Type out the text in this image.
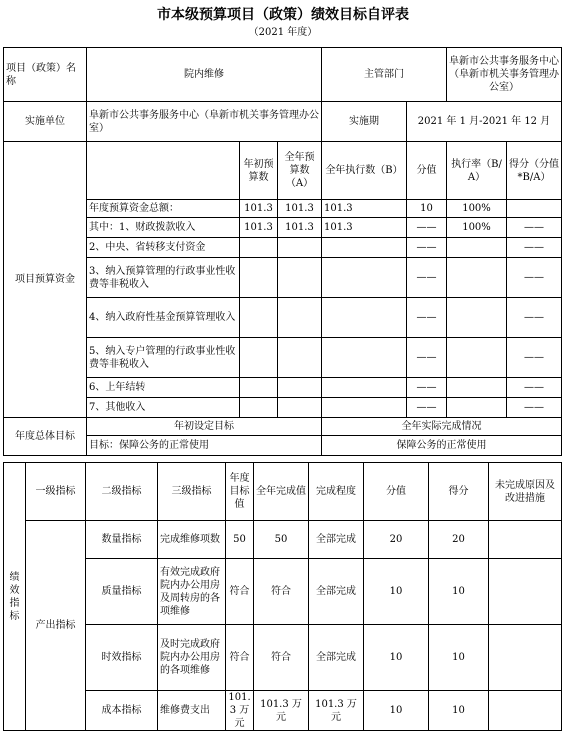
市本级预算项目（政策）绩效目标自评表
（2021 年度）
项目（政策）名称	院内维修			主管部门		阜新市公共事务服务中心（阜新市机关事务管理办公室）	
实施单位	阜新市公共事务服务中心（阜新市机关事务管理办公室）			实施期	2021 年 1 月-2021 年 12 月		
项目预算资金		年初预算数	全年预算数（A）	全年执行数（B）	分值	执行率（B/A）	得分（分值*B/A）
	年度预算资金总额：	101.3	101.3	101.3	10	100%	
	其中：1、财政拨款收入	101.3	101.3	101.3	——	100%	——
	2、中央、省转移支付资金				——		——
	3、纳入预算管理的行政事业性收费等非税收入				——		——
	4、纳入政府性基金预算管理收入				——		——
	5、纳入专户管理的行政事业性收费等非税收入				——		——
	6、上年结转				——		——
	7、其他收入				——		——
年度总体目标	年初设定目标			全年实际完成情况			
	目标：保障公务的正常使用			保障公务的正常使用			
绩效指标	一级指标	二级指标	三级指标	年度目标值	全年完成值	完成程度	分值	得分	未完成原因及改进措施
	产出指标	数量指标	完成维修项数	50	50	全部完成	20	20	
		质量指标	有效完成政府院内办公用房及周转房的各项维修	符合	符合	全部完成	10	10	
		时效指标	及时完成政府院内办公用房的各项维修	符合	符合	全部完成	10	10	
		成本指标	维修费支出	101.3 万元	101.3 万元	101.3 万元	10	10	
